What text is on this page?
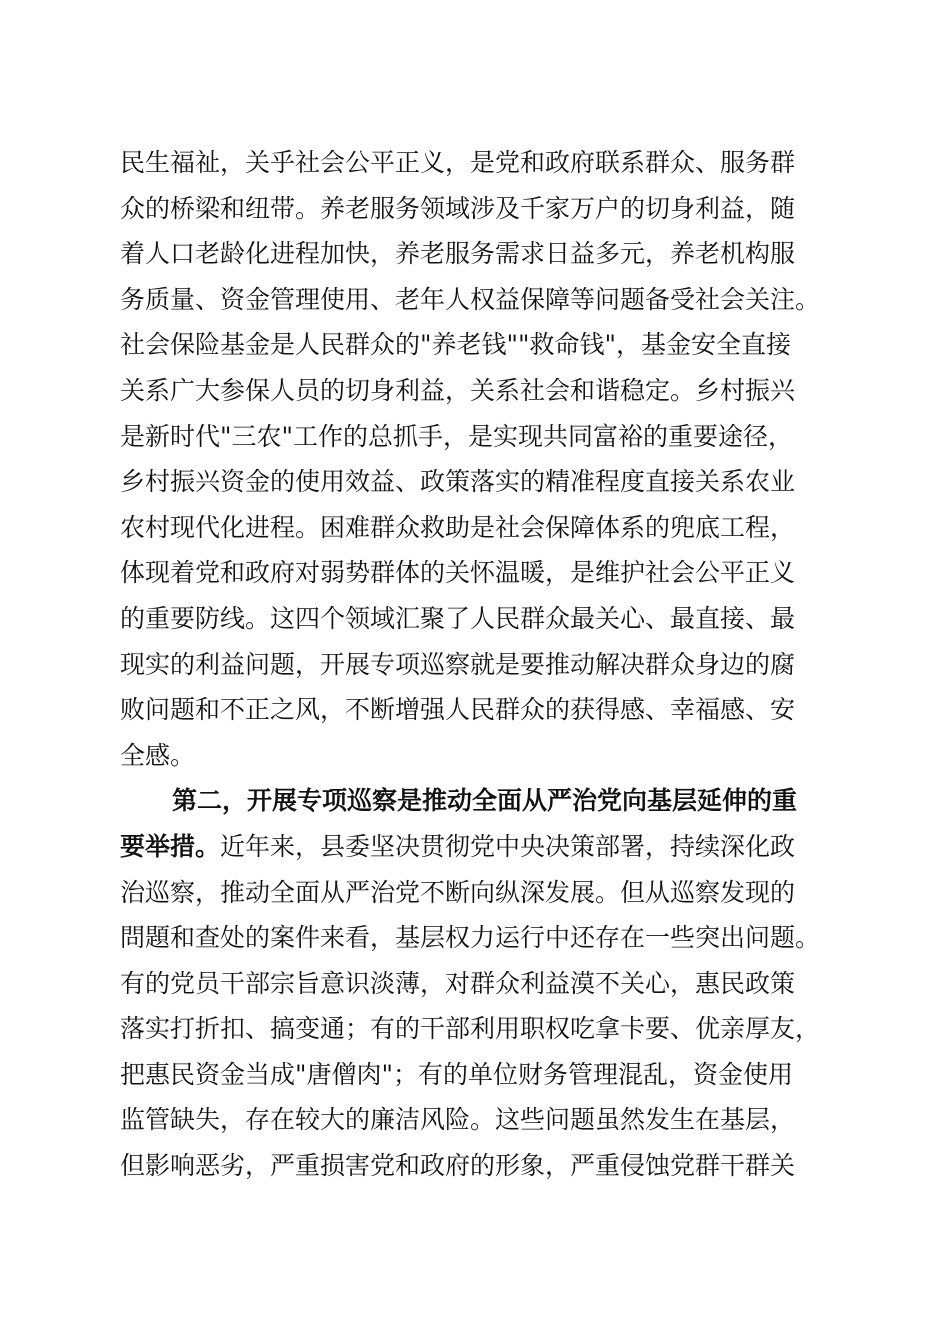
民生福祉，关乎社会公平正义，是党和政府联系群众、服务群
众的桥梁和纽带。养老服务领域涉及千家万户的切身利益，随
着人口老龄化进程加快，养老服务需求日益多元，养老机构服
务质量、资金管理使用、老年人权益保障等问题备受社会关注。
社会保险基金是人民群众的"养老钱""救命钱"，基金安全直接
关系广大参保人员的切身利益，关系社会和谐稳定。乡村振兴
是新时代"三农"工作的总抓手，是实现共同富裕的重要途径，
乡村振兴资金的使用效益、政策落实的精准程度直接关系农业
农村现代化进程。困难群众救助是社会保障体系的兜底工程，
体现着党和政府对弱势群体的关怀温暖，是维护社会公平正义
的重要防线。这四个领域汇聚了人民群众最关心、最直接、最
现实的利益问题，开展专项巡察就是要推动解决群众身边的腐
败问题和不正之风，不断增强人民群众的获得感、幸福感、安
全感。
第二，开展专项巡察是推动全面从严治党向基层延伸的重
要举措。近年来，县委坚决贯彻党中央决策部署，持续深化政
治巡察，推动全面从严治党不断向纵深发展。但从巡察发现的
問題和查处的案件来看，基层权力运行中还存在一些突出问题。
有的党员干部宗旨意识淡薄，对群众利益漠不关心，惠民政策
落实打折扣、搞变通；有的干部利用职权吃拿卡要、优亲厚友，
把惠民资金当成"唐僧肉"；有的单位财务管理混乱，资金使用
监管缺失，存在较大的廉洁风险。这些问题虽然发生在基层，
但影响恶劣，严重损害党和政府的形象，严重侵蚀党群干群关
